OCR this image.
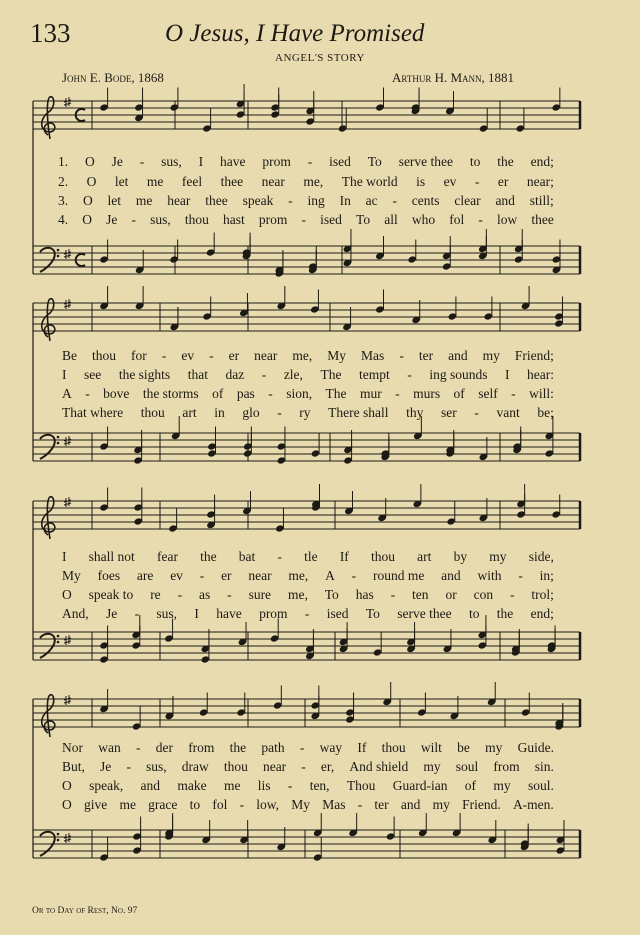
133	O Jesus, I Have Promised
ANGEL'S STORY
John E. Bode, 1868	Arthur H. Mann, 1881
1. O Je - sus, I have prom - ised To serve thee to the end;
2. O let me feel thee near me, The world is ev - er near;
3. O let me hear thee speak - ing In ac - cents clear and still;
4. O Je - sus, thou hast prom - ised To all who fol - low thee
Be thou for - ev - er near me, My Mas - ter and my Friend;
I see the sights that daz - zle, The tempt - ing sounds I hear:
A - bove the storms of pas - sion, The mur - murs of self - will:
That where thou art in glo - ry There shall thy ser - vant be;
I shall not fear the bat - tle If thou art by my side,
My foes are ev - er near me, A - round me and with - in;
O speak to re - as - sure me, To has - ten or con - trol;
And, Je - sus, I have prom - ised To serve thee to the end;
Nor wan - der from the path - way If thou wilt be my Guide.
But, Je - sus, draw thou near - er, And shield my soul from sin.
O speak, and make me lis - ten, Thou Guard-ian of my soul.
O give me grace to fol - low, My Mas - ter and my Friend. A-men.
Or to Day of Rest, No. 97
